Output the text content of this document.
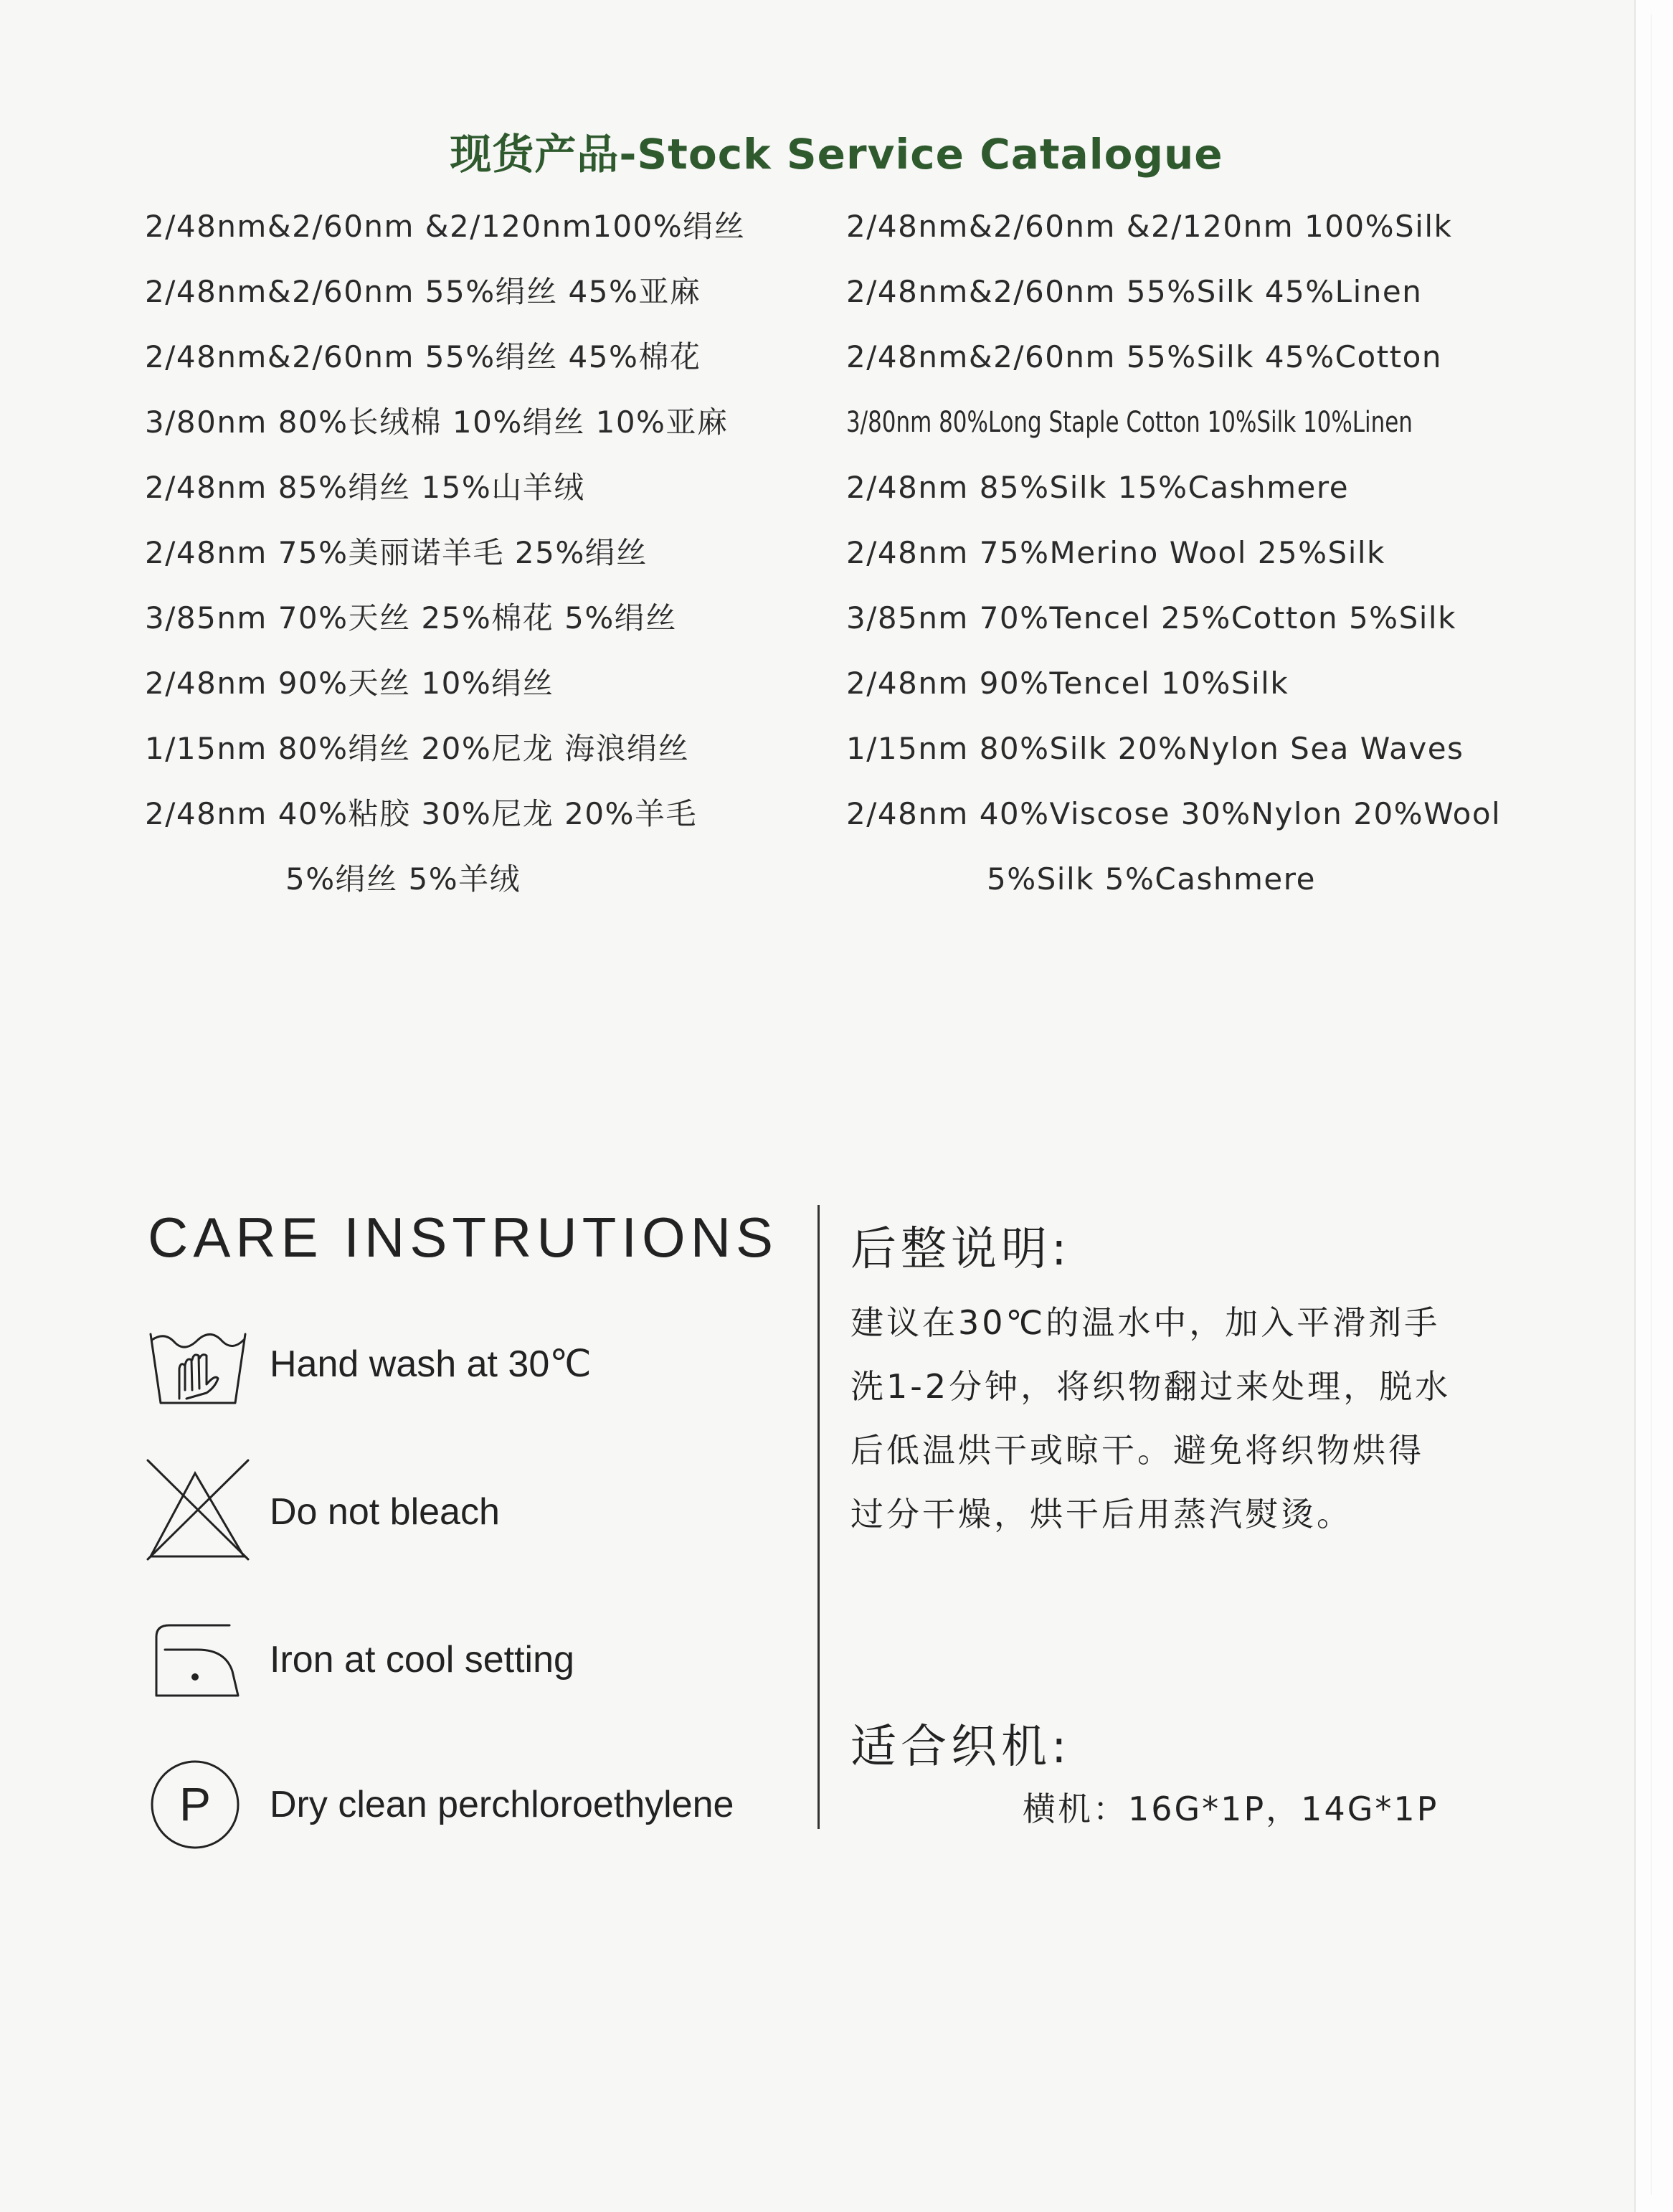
现货产品-Stock Service Catalogue
2/48nm&2/60nm &2/120nm100%绢丝
2/48nm&2/60nm 55%绢丝 45%亚麻
2/48nm&2/60nm 55%绢丝 45%棉花
3/80nm 80%长绒棉 10%绢丝 10%亚麻
2/48nm 85%绢丝 15%山羊绒
2/48nm 75%美丽诺羊毛 25%绢丝
3/85nm 70%天丝 25%棉花 5%绢丝
2/48nm 90%天丝 10%绢丝
1/15nm 80%绢丝 20%尼龙 海浪绢丝
2/48nm 40%粘胶 30%尼龙 20%羊毛
5%绢丝 5%羊绒
2/48nm&2/60nm &2/120nm 100%Silk
2/48nm&2/60nm 55%Silk 45%Linen
2/48nm&2/60nm 55%Silk 45%Cotton
3/80nm 80%Long Staple Cotton 10%Silk 10%Linen
2/48nm 85%Silk 15%Cashmere
2/48nm 75%Merino Wool 25%Silk
3/85nm 70%Tencel 25%Cotton 5%Silk
2/48nm 90%Tencel 10%Silk
1/15nm 80%Silk 20%Nylon Sea Waves
2/48nm 40%Viscose 30%Nylon 20%Wool
5%Silk 5%Cashmere
CARE INSTRUTIONS
Hand wash at 30℃
Do not bleach
Iron at cool setting
P Dry clean perchloroethylene
后整说明:
建议在30℃的温水中，加入平滑剂手
洗1-2分钟，将织物翻过来处理，脱水
后低温烘干或晾干。避免将织物烘得
过分干燥，烘干后用蒸汽熨烫。
适合织机:
横机：16G*1P，14G*1P
